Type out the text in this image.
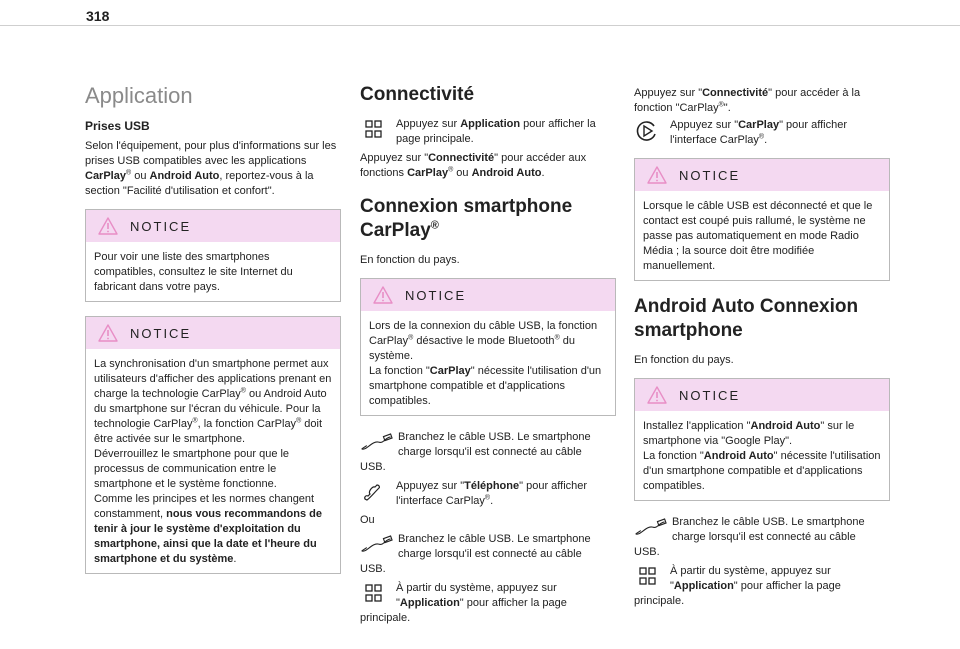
318
Application
Prises USB

Selon l'équipement, pour plus d'informations sur les prises USB compatibles avec les applications CarPlay® ou Android Auto, reportez-vous à la section "Facilité d'utilisation et confort".

NOTICE

Pour voir une liste des smartphones compatibles, consultez le site Internet du fabricant dans votre pays.

NOTICE

La synchronisation d'un smartphone permet aux utilisateurs d'afficher des applications prenant en charge la technologie CarPlay® ou Android Auto du smartphone sur l'écran du véhicule. Pour la technologie CarPlay®, la fonction CarPlay® doit être activée sur le smartphone.

Déverrouillez le smartphone pour que le processus de communication entre le smartphone et le système fonctionne.

Comme les principes et les normes changent constamment, nous vous recommandons de tenir à jour le système d'exploitation du smartphone, ainsi que la date et l'heure du smartphone et du système.

Connectivité
Appuyez sur Application pour afficher la page principale.

Appuyez sur "Connectivité" pour accéder aux fonctions CarPlay® ou Android Auto.

Connexion smartphone
CarPlay®

En fonction du pays.

NOTICE

Lors de la connexion du câble USB, la fonction CarPlay® désactive le mode Bluetooth® du système.

La fonction "CarPlay" nécessite l'utilisation d'un smartphone compatible et d'applications compatibles.

Branchez le câble USB. Le smartphone charge lorsqu'il est connecté au câble
USB.
Appuyez sur "Téléphone" pour afficher l'interface CarPlay®.
Ou
Branchez le câble USB. Le smartphone charge lorsqu'il est connecté au câble
USB.
À partir du système, appuyez sur "Application" pour afficher la page
principale.

Appuyez sur "Connectivité" pour accéder à la fonction "CarPlay®".

Appuyez sur "CarPlay" pour afficher l'interface CarPlay®.
NOTICE

Lorsque le câble USB est déconnecté et que le contact est coupé puis rallumé, le système ne passe pas automatiquement en mode Radio Média ; la source doit être modifiée manuellement.

Android Auto Connexion
smartphone

En fonction du pays.

NOTICE

Installez l'application "Android Auto" sur le smartphone via "Google Play".

La fonction "Android Auto" nécessite l'utilisation d'un smartphone compatible et d'applications compatibles.

Branchez le câble USB. Le smartphone charge lorsqu'il est connecté au câble
USB.
À partir du système, appuyez sur "Application" pour afficher la page
principale.
